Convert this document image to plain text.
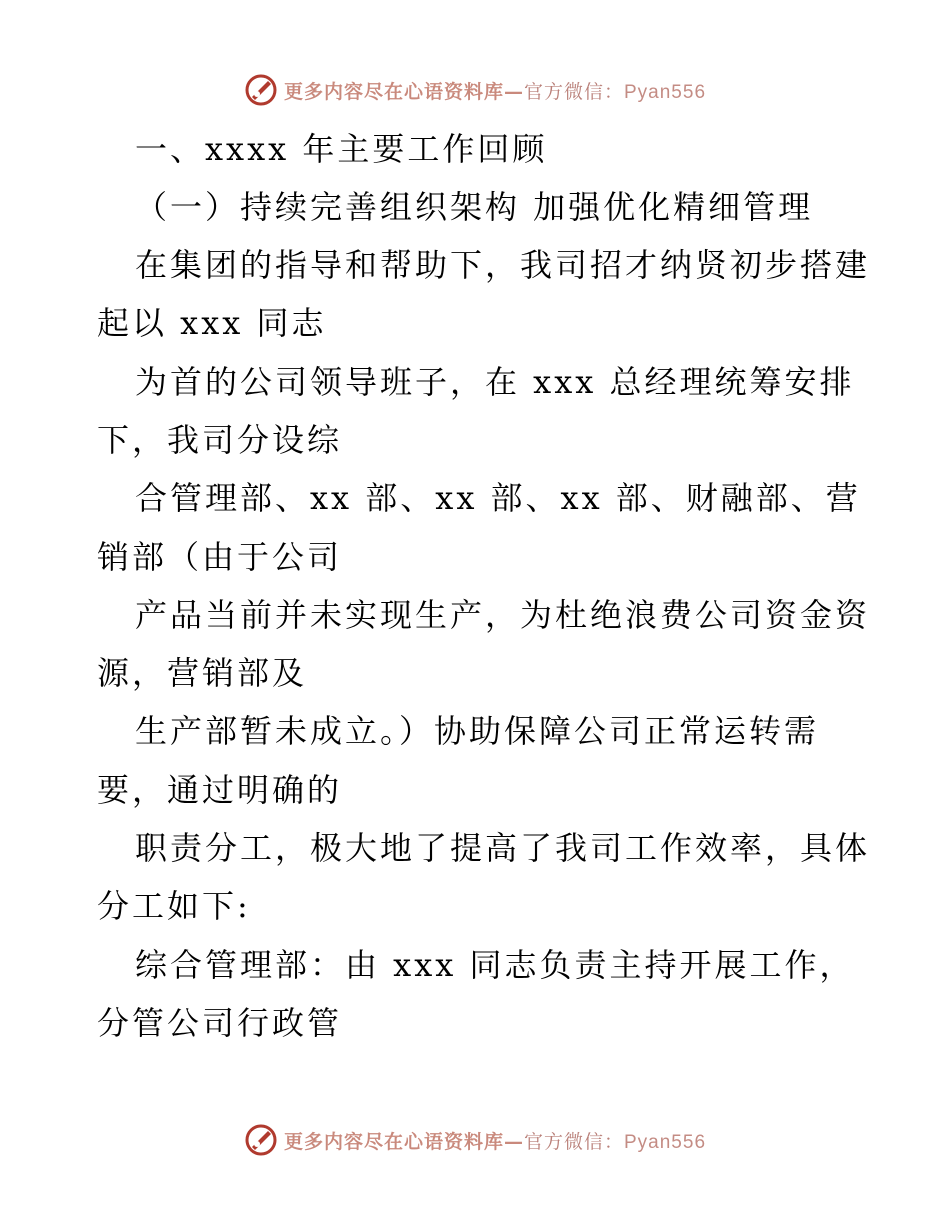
更多内容尽在心语资料库—官方微信：Pyan556
一、xxxx 年主要工作回顾
（一）持续完善组织架构 加强优化精细管理
在集团的指导和帮助下，我司招才纳贤初步搭建
起以 xxx 同志
为首的公司领导班子，在 xxx 总经理统筹安排
下，我司分设综
合管理部、xx 部、xx 部、xx 部、财融部、营
销部（由于公司
产品当前并未实现生产，为杜绝浪费公司资金资
源，营销部及
生产部暂未成立。）协助保障公司正常运转需
要，通过明确的
职责分工，极大地了提高了我司工作效率，具体
分工如下:
综合管理部：由 xxx 同志负责主持开展工作，
分管公司行政管
更多内容尽在心语资料库—官方微信：Pyan556
